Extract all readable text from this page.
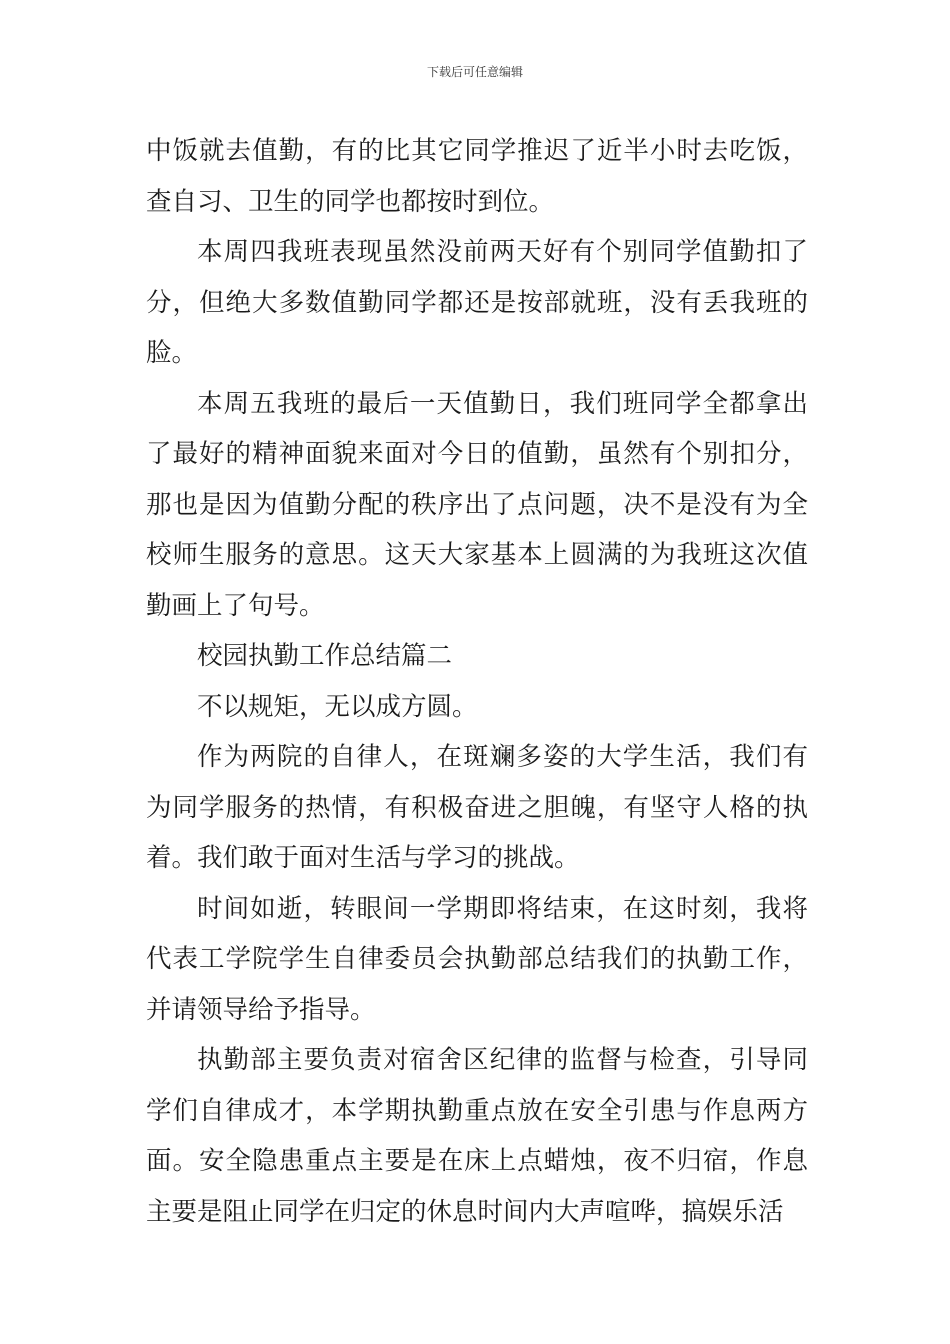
下载后可任意编辑

中饭就去值勤，有的比其它同学推迟了近半小时去吃饭，查自习、卫生的同学也都按时到位。

本周四我班表现虽然没前两天好有个别同学值勤扣了分，但绝大多数值勤同学都还是按部就班，没有丢我班的脸。

本周五我班的最后一天值勤日，我们班同学全都拿出了最好的精神面貌来面对今日的值勤，虽然有个别扣分，那也是因为值勤分配的秩序出了点问题，决不是没有为全校师生服务的意思。这天大家基本上圆满的为我班这次值勤画上了句号。

校园执勤工作总结篇二

不以规矩，无以成方圆。

作为两院的自律人，在斑斓多姿的大学生活，我们有为同学服务的热情，有积极奋进之胆魄，有坚守人格的执着。我们敢于面对生活与学习的挑战。

时间如逝，转眼间一学期即将结束，在这时刻，我将代表工学院学生自律委员会执勤部总结我们的执勤工作，并请领导给予指导。

执勤部主要负责对宿舍区纪律的监督与检查，引导同学们自律成才，本学期执勤重点放在安全引患与作息两方面。安全隐患重点主要是在床上点蜡烛，夜不归宿，作息主要是阻止同学在归定的休息时间内大声喧哗，搞娱乐活
